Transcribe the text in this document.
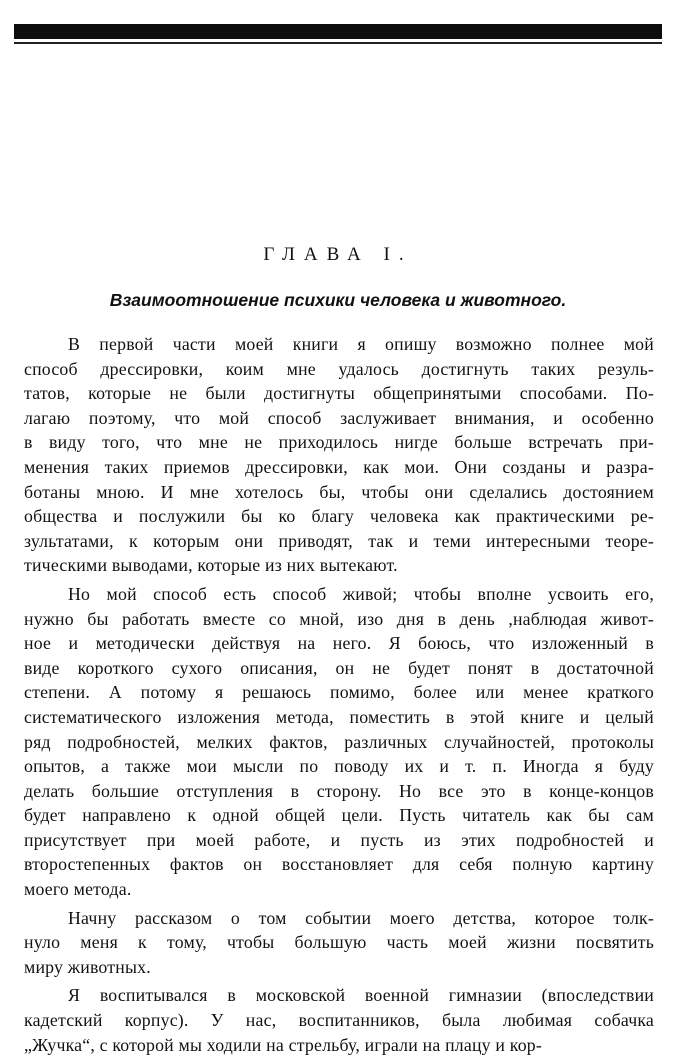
ГЛАВА I.
Взаимоотношение психики человека и животного.
В первой части моей книги я опишу возможно полнее мой
способ дрессировки, коим мне удалось достигнуть таких резуль-
татов, которые не были достигнуты общепринятыми способами. По-
лагаю поэтому, что мой способ заслуживает внимания, и особенно
в виду того, что мне не приходилось нигде больше встречать при-
менения таких приемов дрессировки, как мои. Они созданы и разра-
ботаны мною. И мне хотелось бы, чтобы они сделались достоянием
общества и послужили бы ко благу человека как практическими ре-
зультатами, к которым они приводят, так и теми интересными теоре-
тическими выводами, которые из них вытекают.
Но мой способ есть способ живой; чтобы вполне усвоить его,
нужно бы работать вместе со мной, изо дня в день ,наблюдая живот-
ное и методически действуя на него. Я боюсь, что изложенный в
виде короткого сухого описания, он не будет понят в достаточной
степени. А потому я решаюсь помимо, более или менее краткого
систематического изложения метода, поместить в этой книге и целый
ряд подробностей, мелких фактов, различных случайностей, протоколы
опытов, а также мои мысли по поводу их и т. п. Иногда я буду
делать большие отступления в сторону. Но все это в конце-концов
будет направлено к одной общей цели. Пусть читатель как бы сам
присутствует при моей работе, и пусть из этих подробностей и
второстепенных фактов он восстановляет для себя полную картину
моего метода.
Начну рассказом о том событии моего детства, которое толк-
нуло меня к тому, чтобы большую часть моей жизни посвятить
миру животных.
Я воспитывался в московской военной гимназии (впоследствии
кадетский корпус). У нас, воспитанников, была любимая собачка
„Жучка“, с которой мы ходили на стрельбу, играли на плацу и кор-
